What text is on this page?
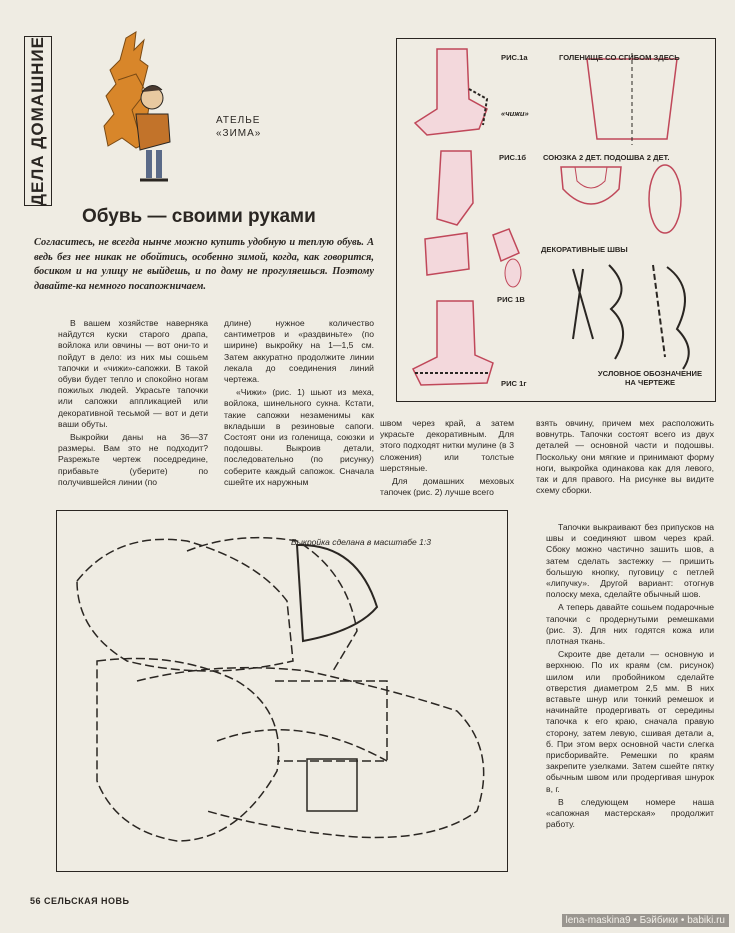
ДЕЛА ДОМАШНИЕ	АТЕЛЬЕ
«ЗИМА»
Обувь — своими руками
Согласитесь, не всегда нынче можно купить удобную и теплую обувь. А ведь без нее никак не обойтись, особенно зимой, когда, как говорится, босиком и на улицу не выйдешь, и по дому не прогуляешься. Поэтому давайте-ка немного посапожничаем.

В вашем хозяйстве наверняка найдутся куски старого драпа, войлока или овчины — вот они-то и пойдут в дело: из них мы сошьем тапочки и «чижи»-сапожки. В такой обуви будет тепло и спокойно ногам пожилых людей. Украсьте тапочки или сапожки аппликацией или декоративной тесьмой — вот и дети ваши обуты.

Выкройки даны на 36—37 размеры. Вам это не подходит? Разрежьте чертеж поседредине, прибавьте (уберите) по получившейся линии (по

длине) нужное количество сантиметров и «раздвиньте» (по ширине) выкройку на 1—1,5 см. Затем аккуратно продолжите линии лекала до соединения линий чертежа.

«Чижи» (рис. 1) шьют из меха, войлока, шинельного сукна. Кстати, такие сапожки незаменимы как вкладыши в резиновые сапоги. Состоят они из голенища, союзки и подошвы. Выкроив детали, последовательно (по рисунку) соберите каждый сапожок. Сначала сшейте их наружным

швом через край, а затем украсьте декоративным. Для этого подходят нитки мулине (в 3 сложения) или толстые шерстяные.

Для домашних меховых тапочек (рис. 2) лучше всего

взять овчину, причем мех расположить вовнутрь. Тапочки состоят всего из двух деталей — основной части и подошвы. Поскольку они мягкие и принимают форму ноги, выкройка одинакова как для левого, так и для правого. На рисунке вы видите схему сборки.

Тапочки выкраивают без припусков на швы и соединяют швом через край. Сбоку можно частично зашить шов, а затем сделать застежку — пришить большую кнопку, пуговицу с петлей «липучку». Другой вариант: отогнув полоску меха, сделайте обычный шов.

А теперь давайте сошьем подарочные тапочки с продернутыми ремешками (рис. 3). Для них годятся кожа или плотная ткань.

Скроите две детали — основную и верхнюю. По их краям (см. рисунок) шилом или пробойником сделайте отверстия диаметром 2,5 мм. В них вставьте шнур или тонкий ремешок и начинайте продергивать от середины тапочка к его краю, сначала правую сторону, затем левую, сшивая детали а, б. При этом верх основной части слегка присборивайте. Ремешки по краям закрепите узелками. Затем сшейте пятку обычным швом или продергивая шнурок в, г.

В следующем номере наша «сапожная мастерская» продолжит работу.

РИС.1а	ГОЛЕНИЩЕ СО СГИБОМ ЗДЕСЬ
«чижи»
РИС.1б СОЮЗКА 2 ДЕТ. ПОДОШВА 2 ДЕТ.
ДЕКОРАТИВНЫЕ ШВЫ
РИС 1В
УСЛОВНОЕ ОБОЗНАЧЕНИЕ НА ЧЕРТЕЖЕ
РИС 1г
Выкройка сделана в масштабе 1:3
56 СЕЛЬСКАЯ НОВЬ
lena-maskina9 • Бэйбики • babiki.ru
